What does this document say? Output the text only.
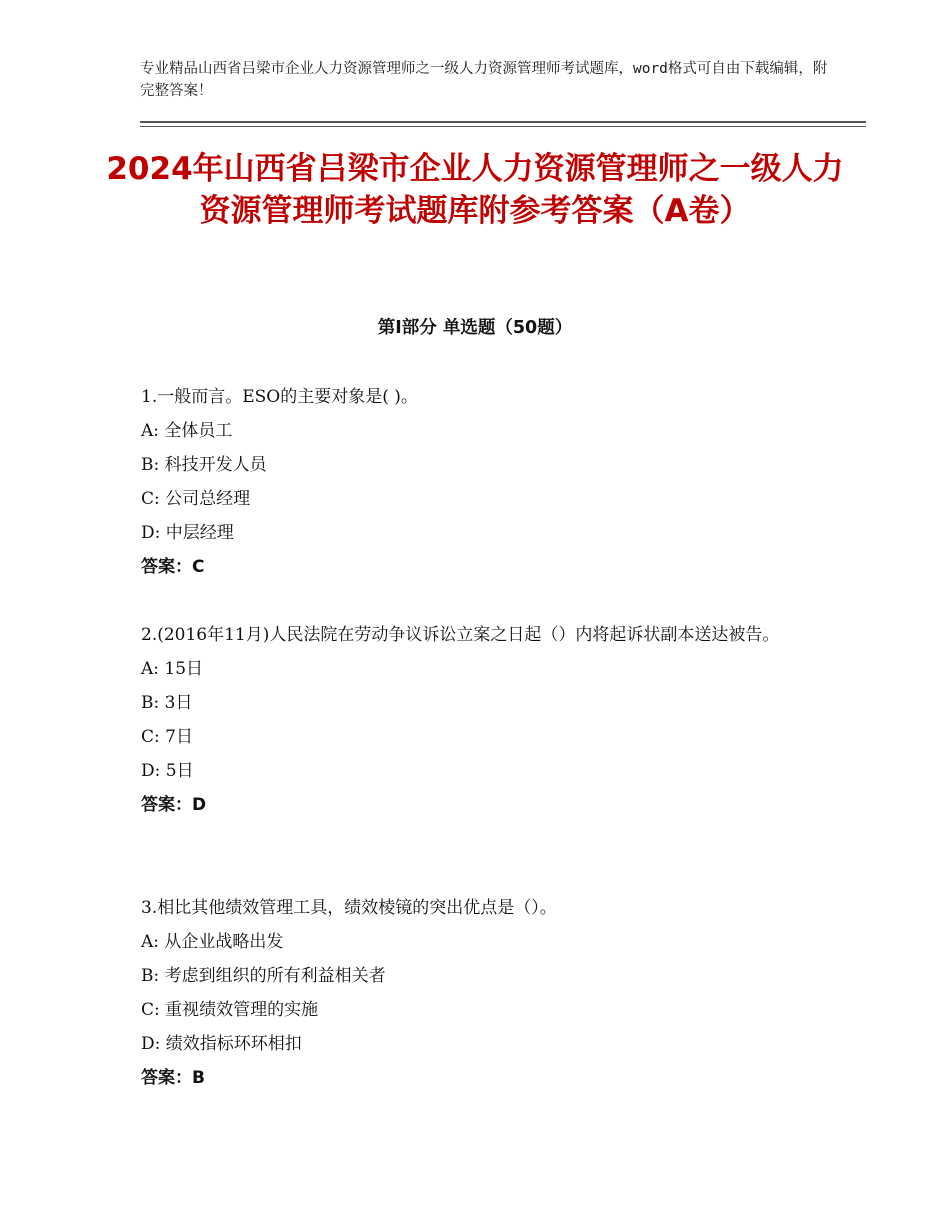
专业精品山西省吕梁市企业人力资源管理师之一级人力资源管理师考试题库，word格式可自由下载编辑，附完整答案！
2024年山西省吕梁市企业人力资源管理师之一级人力资源管理师考试题库附参考答案（A卷）
第Ⅰ部分 单选题（50题）
1.一般而言。ESO的主要对象是( )。
A: 全体员工
B: 科技开发人员
C: 公司总经理
D: 中层经理
答案：C
2.(2016年11月)人民法院在劳动争议诉讼立案之日起（）内将起诉状副本送达被告。
A: 15日
B: 3日
C: 7日
D: 5日
答案：D
3.相比其他绩效管理工具，绩效棱镜的突出优点是（）。
A: 从企业战略出发
B: 考虑到组织的所有利益相关者
C: 重视绩效管理的实施
D: 绩效指标环环相扣
答案：B
